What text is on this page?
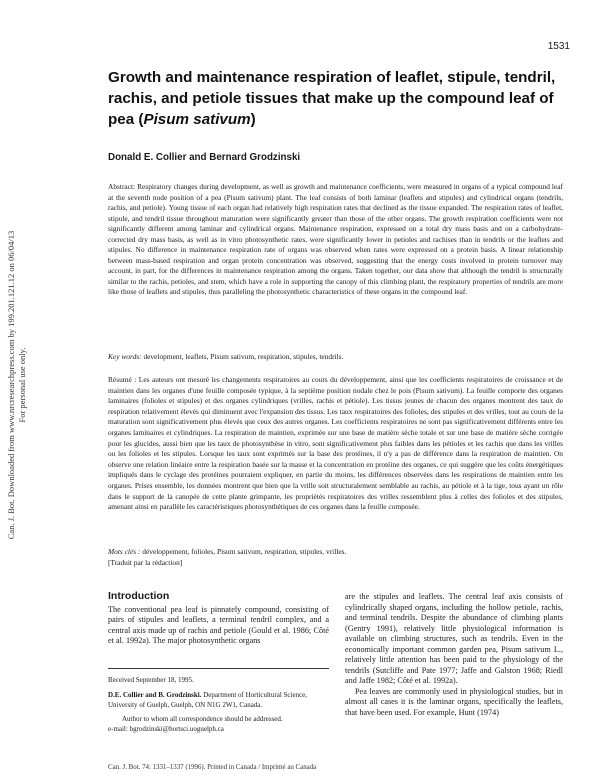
1531
Can. J. Bot. Downloaded from www.nrcresearchpress.com by 199.201.121.12 on 06/04/13 For personal use only.
Growth and maintenance respiration of leaflet, stipule, tendril, rachis, and petiole tissues that make up the compound leaf of pea (Pisum sativum)

Donald E. Collier and Bernard Grodzinski

Abstract: Respiratory changes during development, as well as growth and maintenance coefficients, were measured in organs of a typical compound leaf at the seventh node position of a pea (Pisum sativum) plant. The leaf consists of both laminar (leaflets and stipules) and cylindrical organs (tendrils, rachis, and petiole). Young tissue of each organ had relatively high respiration rates that declined as the tissue expanded. The respiration rates of leaflet, stipule, and tendril tissue throughout maturation were significantly greater than those of the other organs. The growth respiration coefficients were not significantly different among laminar and cylindrical organs. Maintenance respiration, expressed on a total dry mass basis and on a carbohydrate-corrected dry mass basis, as well as in vitro photosynthetic rates, were significantly lower in petioles and rachises than in tendrils or the leaflets and stipules. No difference in maintenance respiration rate of organs was observed when rates were expressed on a protein basis. A linear relationship between mass-based respiration and organ protein concentration was observed, suggesting that the energy costs involved in protein turnover may account, in part, for the differences in maintenance respiration among the organs. Taken together, our data show that although the tendril is structurally similar to the rachis, petioles, and stem, which have a role in supporting the canopy of this climbing plant, the respiratory properties of tendrils are more like those of leaflets and stipules, thus paralleling the photosynthetic characteristics of these organs in the compound leaf.

Key words: development, leaflets, Pisum sativum, respiration, stipules, tendrils.

Résumé : Les auteurs ont mesuré les changements respiratoires au cours du développement, ainsi que les coefficients respiratoires de croissance et de maintien dans les organes d'une feuille composée typique, à la septième position nodale chez le pois (Pisum sativum). La feuille comporte des organes laminaires (folioles et stipules) et des organes cylindriques (vrilles, rachis et pétiole). Les tissus jeunes de chacun des organes montrent des taux de respiration relativement élevés qui diminuent avec l'expansion des tissus. Les taux respiratoires des folioles, des stipules et des vrilles, tout au cours de la maturation sont significativement plus élevés que ceux des autres organes. Les coefficients respiratoires ne sont pas significativement différents entre les organes laminaires et cylindriques. La respiration de maintien, exprimée sur une base de matière sèche totale et sur une base de matière sèche corrigée pour les glucides, aussi bien que les taux de photosynthèse in vitro, sont significativement plus faibles dans les pétioles et les rachis que dans les vrilles ou les folioles et les stipules. Lorsque les taux sont exprimés sur la base des protéines, il n'y a pas de différence dans la respiration de maintien. On observe une relation linéaire entre la respiration basée sur la masse et la concentration en protéine des organes, ce qui suggère que les coûts énergétiques impliqués dans le cyclage des protéines pourraient expliquer, en partie du moins, les différences observées dans les respirations de maintien entre les organes. Prises ensemble, les données montrent que bien que la vrille soit structuralement semblable au rachis, au pétiole et à la tige, tous ayant un rôle dans le support de la canopée de cette plante grimpante, les propriétés respiratoires des vrilles ressemblent plus à celles des folioles et des stipules, amenant ainsi en parallèle les caractéristiques photosynthétiques de ces organes dans la feuille composée.

Mots clés : développement, folioles, Pisum sativum, respiration, stipules, vrilles.

[Traduit par la rédaction]

Introduction

The conventional pea leaf is pinnately compound, consisting of pairs of stipules and leaflets, a terminal tendril complex, and a central axis made up of rachis and petiole (Gould et al. 1986; Côté et al. 1992a). The major photosynthetic organs

Received September 18, 1995.

D.E. Collier and B. Grodzinski. Department of Horticultural Science, University of Guelph, Guelph, ON N1G 2W1, Canada.

Author to whom all correspondence should be addressed.

e-mail: bgrodzinski@hortsci.uoguelph.ca

are the stipules and leaflets. The central leaf axis consists of cylindrically shaped organs, including the hollow petiole, rachis, and terminal tendrils. Despite the abundance of climbing plants (Gentry 1991), relatively little physiological information is available on climbing structures, such as tendrils. Even in the economically important common garden pea, Pisum sativum L., relatively little attention has been paid to the physiology of the tendrils (Sutcliffe and Pate 1977; Jaffe and Galston 1968; Riedl and Jaffe 1982; Côté et al. 1992a).

Pea leaves are commonly used in physiological studies, but in almost all cases it is the laminar organs, specifically the leaflets, that have been used. For example, Hunt (1974)

Can. J. Bot. 74: 1331–1337 (1996). Printed in Canada / Imprimé au Canada
